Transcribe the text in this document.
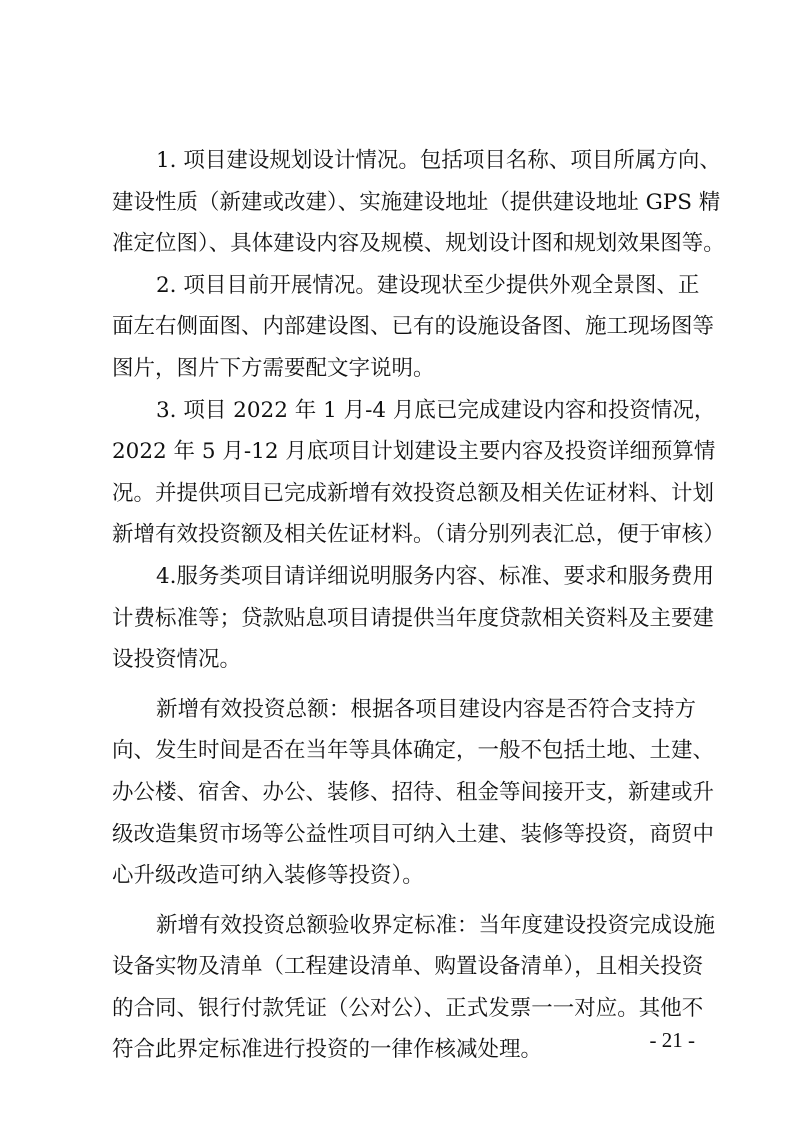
1. 项目建设规划设计情况。包括项目名称、项目所属方向、
建设性质（新建或改建）、实施建设地址（提供建设地址 GPS 精
准定位图）、具体建设内容及规模、规划设计图和规划效果图等。
2. 项目目前开展情况。建设现状至少提供外观全景图、正
面左右侧面图、内部建设图、已有的设施设备图、施工现场图等
图片，图片下方需要配文字说明。
3. 项目 2022 年 1 月-4 月底已完成建设内容和投资情况，
2022 年 5 月-12 月底项目计划建设主要内容及投资详细预算情
况。并提供项目已完成新增有效投资总额及相关佐证材料、计划
新增有效投资额及相关佐证材料。（请分别列表汇总，便于审核）
4.服务类项目请详细说明服务内容、标准、要求和服务费用
计费标准等；贷款贴息项目请提供当年度贷款相关资料及主要建
设投资情况。
新增有效投资总额：根据各项目建设内容是否符合支持方
向、发生时间是否在当年等具体确定，一般不包括土地、土建、
办公楼、宿舍、办公、装修、招待、租金等间接开支，新建或升
级改造集贸市场等公益性项目可纳入土建、装修等投资，商贸中
心升级改造可纳入装修等投资）。
新增有效投资总额验收界定标准：当年度建设投资完成设施
设备实物及清单（工程建设清单、购置设备清单），且相关投资
的合同、银行付款凭证（公对公）、正式发票一一对应。其他不
符合此界定标准进行投资的一律作核减处理。	- 21 -
